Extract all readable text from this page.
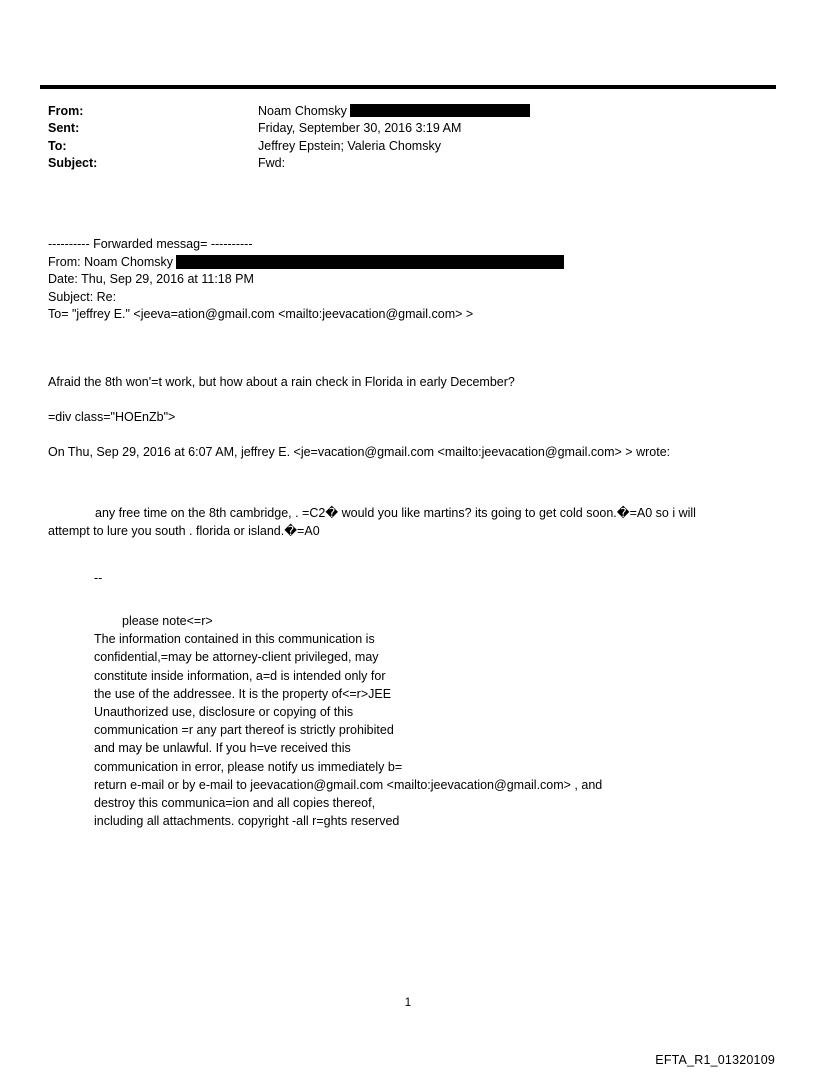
From:	Noam Chomsky
Sent:	Friday, September 30, 2016 3:19 AM
To:	Jeffrey Epstein; Valeria Chomsky
Subject:	Fwd:
---------- Forwarded messag= ----------
From: Noam Chomsky
Date: Thu, Sep 29, 2016 at 11:18 PM
Subject: Re:
To= "jeffrey E." <jeeva=ation@gmail.com <mailto:jeevacation@gmail.com> >
Afraid the 8th won'=t work, but how about a rain check in Florida in early December?
=div class="HOEnZb">
On Thu, Sep 29, 2016 at 6:07 AM, jeffrey E. <je=vacation@gmail.com <mailto:jeevacation@gmail.com> > wrote:
any free time on the 8th cambridge, . =C2� would you like martins? its going to get cold soon.�=A0 so i will
attempt to lure you south . florida or island.�=A0
--
please note<=r>
The information contained in this communication is
confidential,=may be attorney-client privileged, may
constitute inside information, a=d is intended only for
the use of the addressee. It is the property of<=r>JEE
Unauthorized use, disclosure or copying of this
communication =r any part thereof is strictly prohibited
and may be unlawful. If you h=ve received this
communication in error, please notify us immediately b=
return e-mail or by e-mail to jeevacation@gmail.com <mailto:jeevacation@gmail.com> , and
destroy this communica=ion and all copies thereof,
including all attachments. copyright -all r=ghts reserved
1
EFTA_R1_01320109
